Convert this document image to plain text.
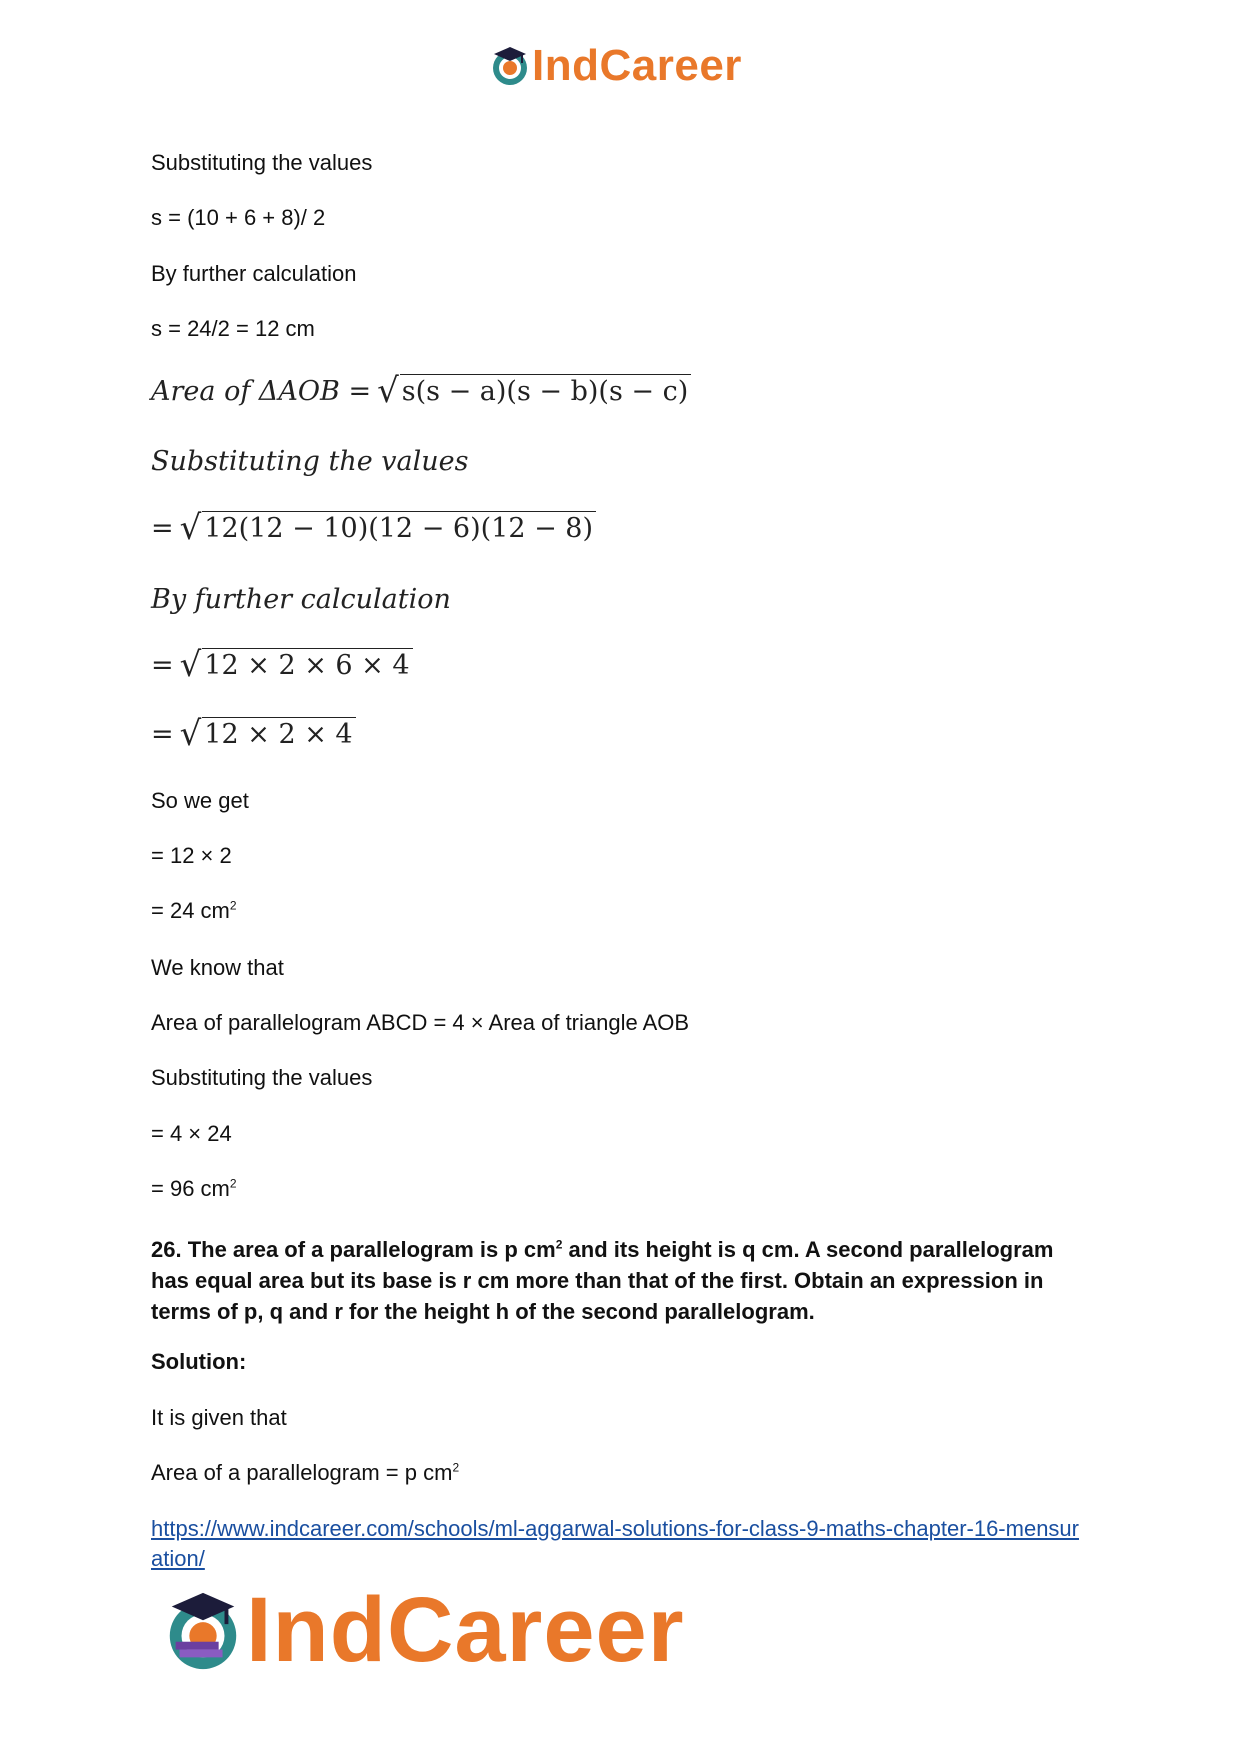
IndCareer
Substituting the values
s = (10 + 6 + 8)/ 2
By further calculation
s = 24/2 = 12 cm
Area of ΔAOB = √ s(s − a)(s − b)(s − c)
Substituting the values
= √ 12(12 − 10)(12 − 6)(12 − 8)
By further calculation
= √ 12 × 2 × 6 × 4
= √ 12 × 2 × 4
So we get
= 12 × 2
= 24 $cm^2$
We know that
Area of parallelogram ABCD = 4 × Area of triangle AOB
Substituting the values
= 4 × 24
= 96 $cm^2$
26. The area of a parallelogram is p $cm^2$ and its height is q cm. A second parallelogram has equal area but its base is r cm more than that of the first. Obtain an expression in terms of p, q and r for the height h of the second parallelogram.
Solution:
It is given that
Area of a parallelogram = p $cm^2$
https://www.indcareer.com/schools/ml-aggarwal-solutions-for-class-9-maths-chapter-16-mensuration/
IndCareer
